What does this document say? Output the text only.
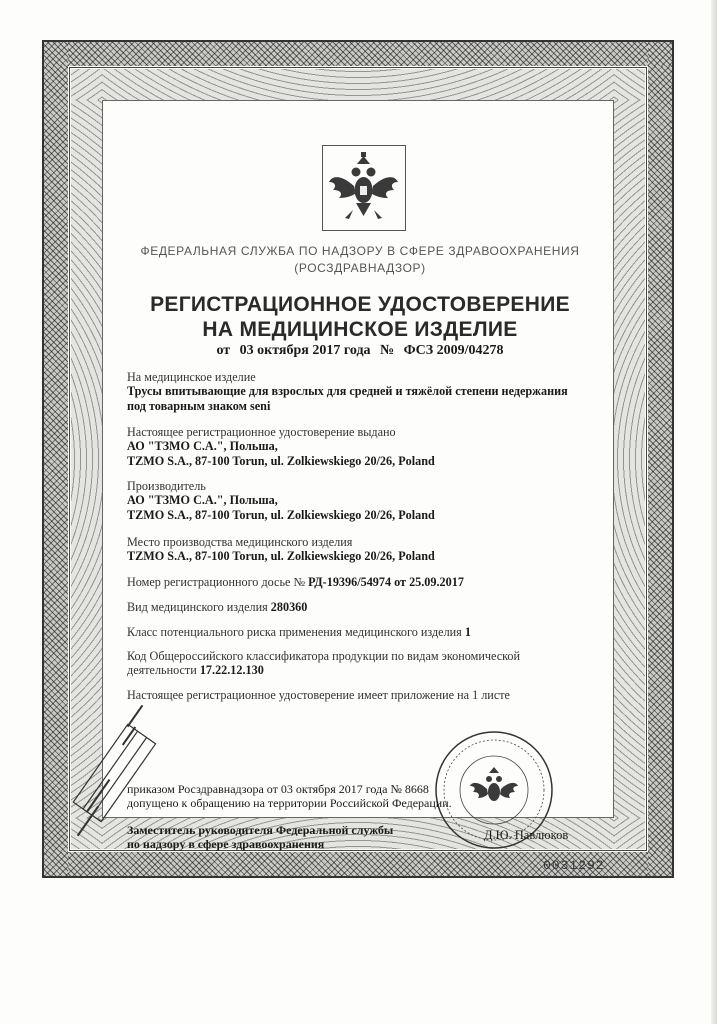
ФЕДЕРАЛЬНАЯ СЛУЖБА ПО НАДЗОРУ В СФЕРЕ ЗДРАВООХРАНЕНИЯ
(РОСЗДРАВНАДЗОР)
РЕГИСТРАЦИОННОЕ УДОСТОВЕРЕНИЕ
НА МЕДИЦИНСКОЕ ИЗДЕЛИЕ
от 03 октября 2017 года № ФСЗ 2009/04278
На медицинское изделие
Трусы впитывающие для взрослых для средней и тяжёлой степени недержания
под товарным знаком seni
Настоящее регистрационное удостоверение выдано
АО "ТЗМО С.А.", Польша,
TZMO S.A., 87-100 Torun, ul. Zolkiewskiego 20/26, Poland
Производитель
АО "ТЗМО С.А.", Польша,
TZMO S.A., 87-100 Torun, ul. Zolkiewskiego 20/26, Poland
Место производства медицинского изделия
TZMO S.A., 87-100 Torun, ul. Zolkiewskiego 20/26, Poland
Номер регистрационного досье № РД-19396/54974 от 25.09.2017
Вид медицинского изделия 280360
Класс потенциального риска применения медицинского изделия 1
Код Общероссийского классификатора продукции по видам экономической
деятельности 17.22.12.130
Настоящее регистрационное удостоверение имеет приложение на 1 листе
приказом Росздравнадзора от 03 октября 2017 года № 8668
допущено к обращению на территории Российской Федерации.
Заместитель руководителя Федеральной службы
по надзору в сфере здравоохранения
Д.Ю. Павлюков
0031292
